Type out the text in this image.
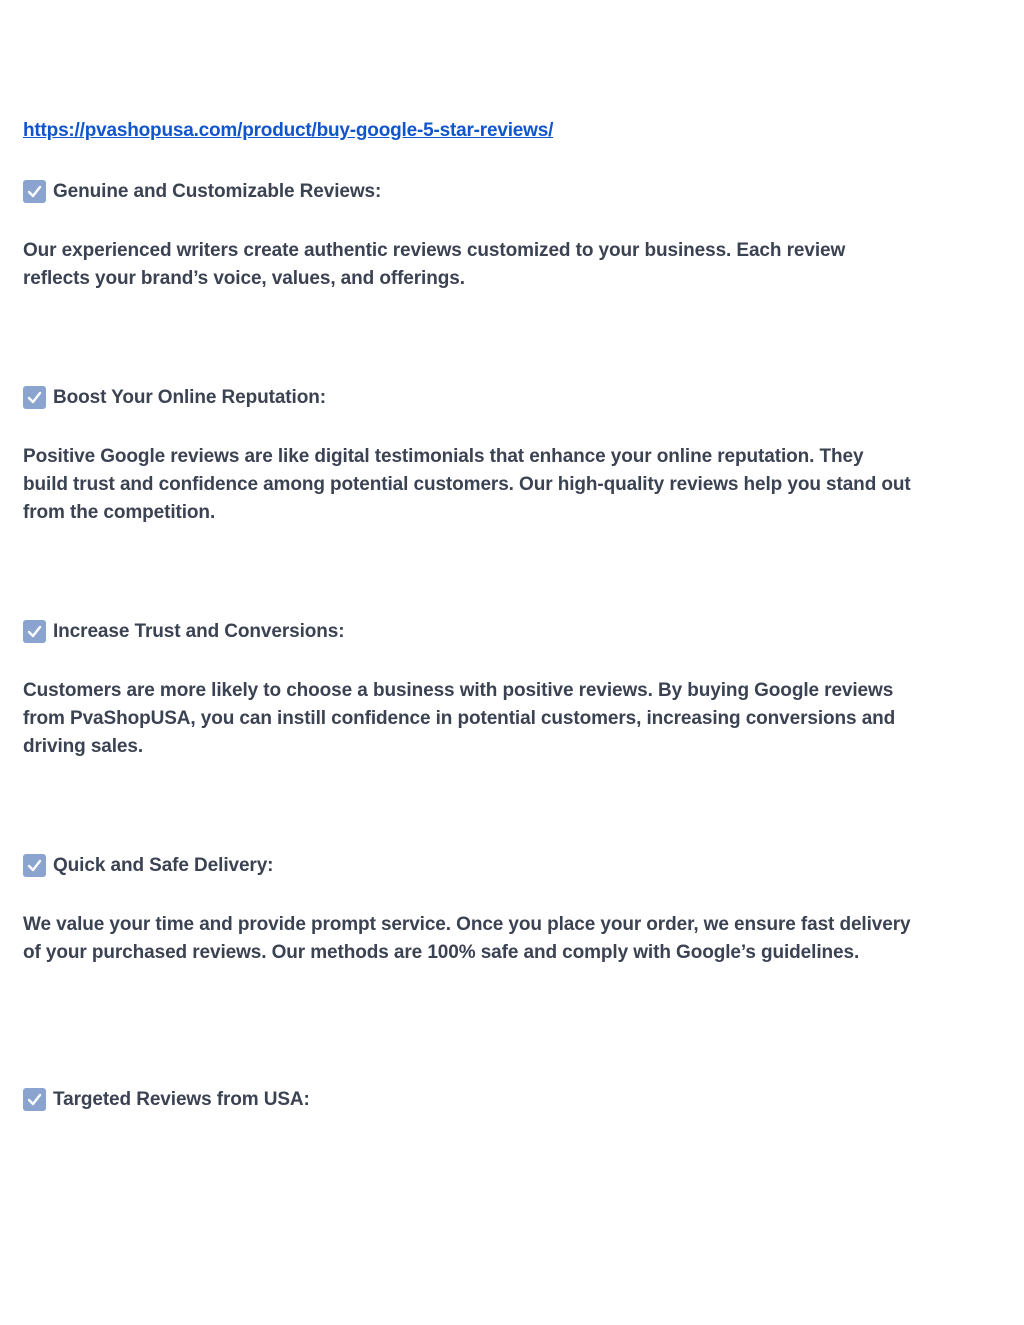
https://pvashopusa.com/product/buy-google-5-star-reviews/
Genuine and Customizable Reviews:
Our experienced writers create authentic reviews customized to your business. Each review reflects your brand’s voice, values, and offerings.
Boost Your Online Reputation:
Positive Google reviews are like digital testimonials that enhance your online reputation. They build trust and confidence among potential customers. Our high-quality reviews help you stand out from the competition.
Increase Trust and Conversions:
Customers are more likely to choose a business with positive reviews. By buying Google reviews from PvaShopUSA, you can instill confidence in potential customers, increasing conversions and driving sales.
Quick and Safe Delivery:
We value your time and provide prompt service. Once you place your order, we ensure fast delivery of your purchased reviews. Our methods are 100% safe and comply with Google’s guidelines.
Targeted Reviews from USA:
